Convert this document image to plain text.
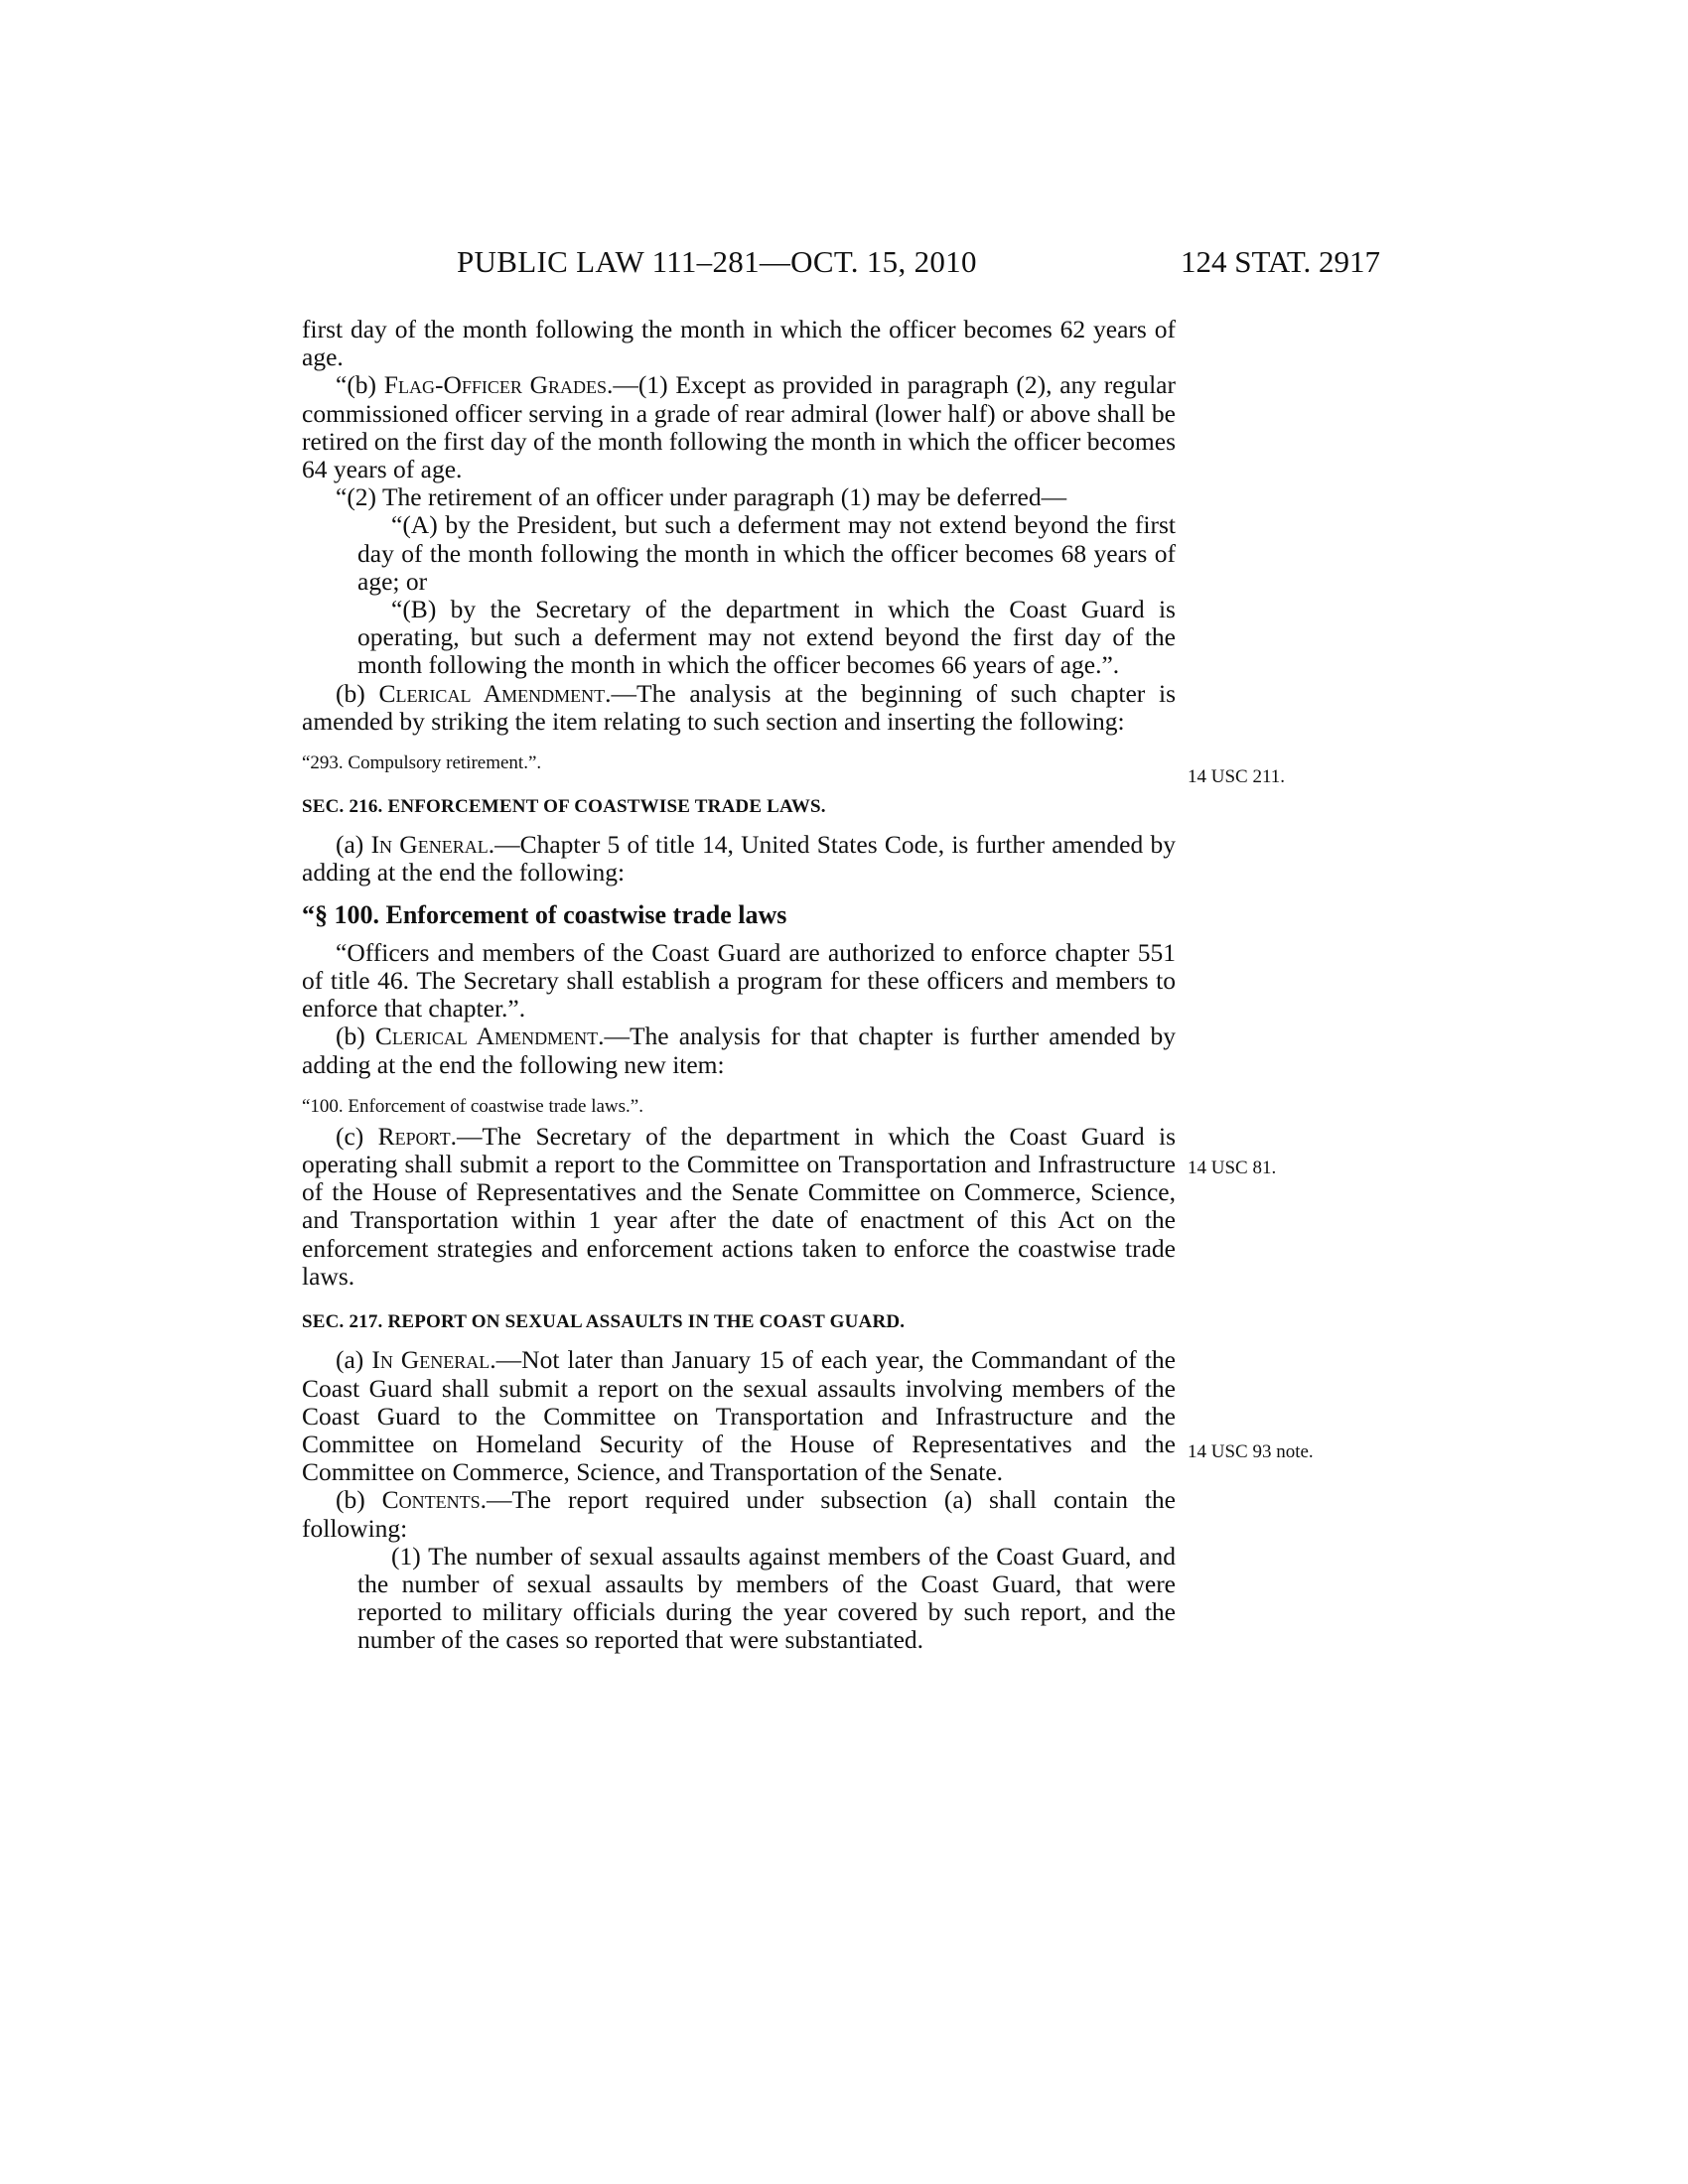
PUBLIC LAW 111–281—OCT. 15, 2010	124 STAT. 2917

first day of the month following the month in which the officer becomes 62 years of age.

“(b) Flag-Officer Grades.—(1) Except as provided in paragraph (2), any regular commissioned officer serving in a grade of rear admiral (lower half) or above shall be retired on the first day of the month following the month in which the officer becomes 64 years of age.

“(2) The retirement of an officer under paragraph (1) may be deferred—

“(A) by the President, but such a deferment may not extend beyond the first day of the month following the month in which the officer becomes 68 years of age; or

“(B) by the Secretary of the department in which the Coast Guard is operating, but such a deferment may not extend beyond the first day of the month following the month in which the officer becomes 66 years of age.”.

(b) Clerical Amendment.—The analysis at the beginning of such chapter is amended by striking the item relating to such section and inserting the following:

“293. Compulsory retirement.”.

SEC. 216. ENFORCEMENT OF COASTWISE TRADE LAWS.

(a) In General.—Chapter 5 of title 14, United States Code, is further amended by adding at the end the following:

“§ 100. Enforcement of coastwise trade laws

“Officers and members of the Coast Guard are authorized to enforce chapter 551 of title 46. The Secretary shall establish a program for these officers and members to enforce that chapter.”.

(b) Clerical Amendment.—The analysis for that chapter is further amended by adding at the end the following new item:

“100. Enforcement of coastwise trade laws.”.

(c) Report.—The Secretary of the department in which the Coast Guard is operating shall submit a report to the Committee on Transportation and Infrastructure of the House of Representatives and the Senate Committee on Commerce, Science, and Transportation within 1 year after the date of enactment of this Act on the enforcement strategies and enforcement actions taken to enforce the coastwise trade laws.

SEC. 217. REPORT ON SEXUAL ASSAULTS IN THE COAST GUARD.

(a) In General.—Not later than January 15 of each year, the Commandant of the Coast Guard shall submit a report on the sexual assaults involving members of the Coast Guard to the Committee on Transportation and Infrastructure and the Committee on Homeland Security of the House of Representatives and the Committee on Commerce, Science, and Transportation of the Senate.

(b) Contents.—The report required under subsection (a) shall contain the following:

(1) The number of sexual assaults against members of the Coast Guard, and the number of sexual assaults by members of the Coast Guard, that were reported to military officials during the year covered by such report, and the number of the cases so reported that were substantiated.

14 USC 211.
14 USC 81.
14 USC 93 note.
